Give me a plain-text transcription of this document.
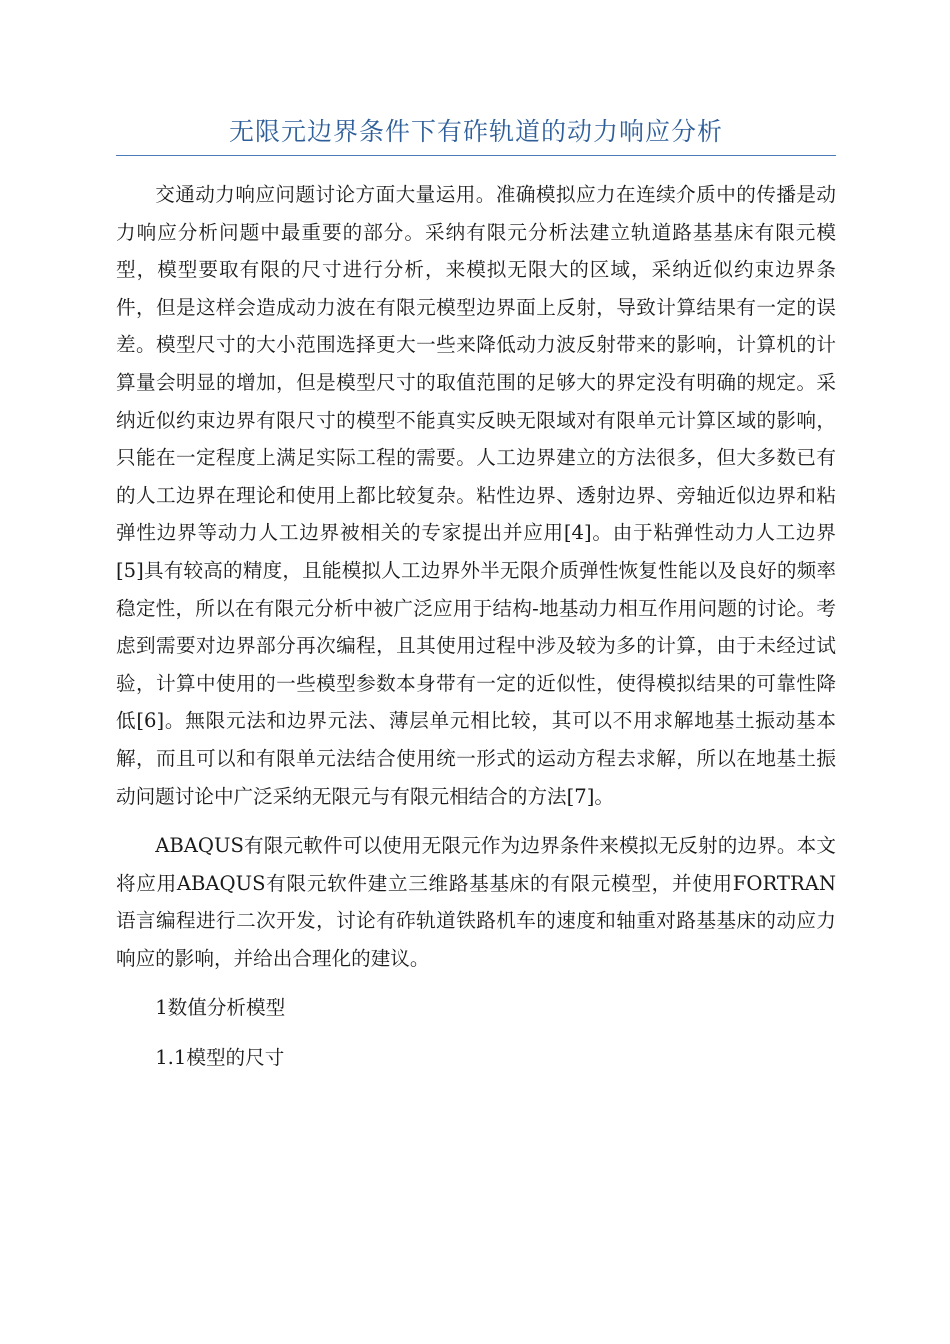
无限元边界条件下有砟轨道的动力响应分析

交通动力响应问题讨论方面大量运用。准确模拟应力在连续介质中的传播是动力响应分析问题中最重要的部分。采纳有限元分析法建立轨道路基基床有限元模型，模型要取有限的尺寸进行分析，来模拟无限大的区域，采纳近似约束边界条件，但是这样会造成动力波在有限元模型边界面上反射，导致计算结果有一定的误差。模型尺寸的大小范围选择更大一些来降低动力波反射带来的影响，计算机的计算量会明显的增加，但是模型尺寸的取值范围的足够大的界定没有明确的规定。采纳近似约束边界有限尺寸的模型不能真实反映无限域对有限单元计算区域的影响，只能在一定程度上满足实际工程的需要。人工边界建立的方法很多，但大多数已有的人工边界在理论和使用上都比较复杂。粘性边界、透射边界、旁轴近似边界和粘弹性边界等动力人工边界被相关的专家提出并应用[4]。由于粘弹性动力人工边界[5]具有较高的精度，且能模拟人工边界外半无限介质弹性恢复性能以及良好的频率稳定性，所以在有限元分析中被广泛应用于结构-地基动力相互作用问题的讨论。考虑到需要对边界部分再次编程，且其使用过程中涉及较为多的计算，由于未经过试验，计算中使用的一些模型参数本身带有一定的近似性，使得模拟结果的可靠性降低[6]。無限元法和边界元法、薄层单元相比较，其可以不用求解地基土振动基本解，而且可以和有限单元法结合使用统一形式的运动方程去求解，所以在地基土振动问题讨论中广泛采纳无限元与有限元相结合的方法[7]。

ABAQUS有限元軟件可以使用无限元作为边界条件来模拟无反射的边界。本文将应用ABAQUS有限元软件建立三维路基基床的有限元模型，并使用FORTRAN语言编程进行二次开发，讨论有砟轨道铁路机车的速度和轴重对路基基床的动应力响应的影响，并给出合理化的建议。

1数值分析模型

1.1模型的尺寸
